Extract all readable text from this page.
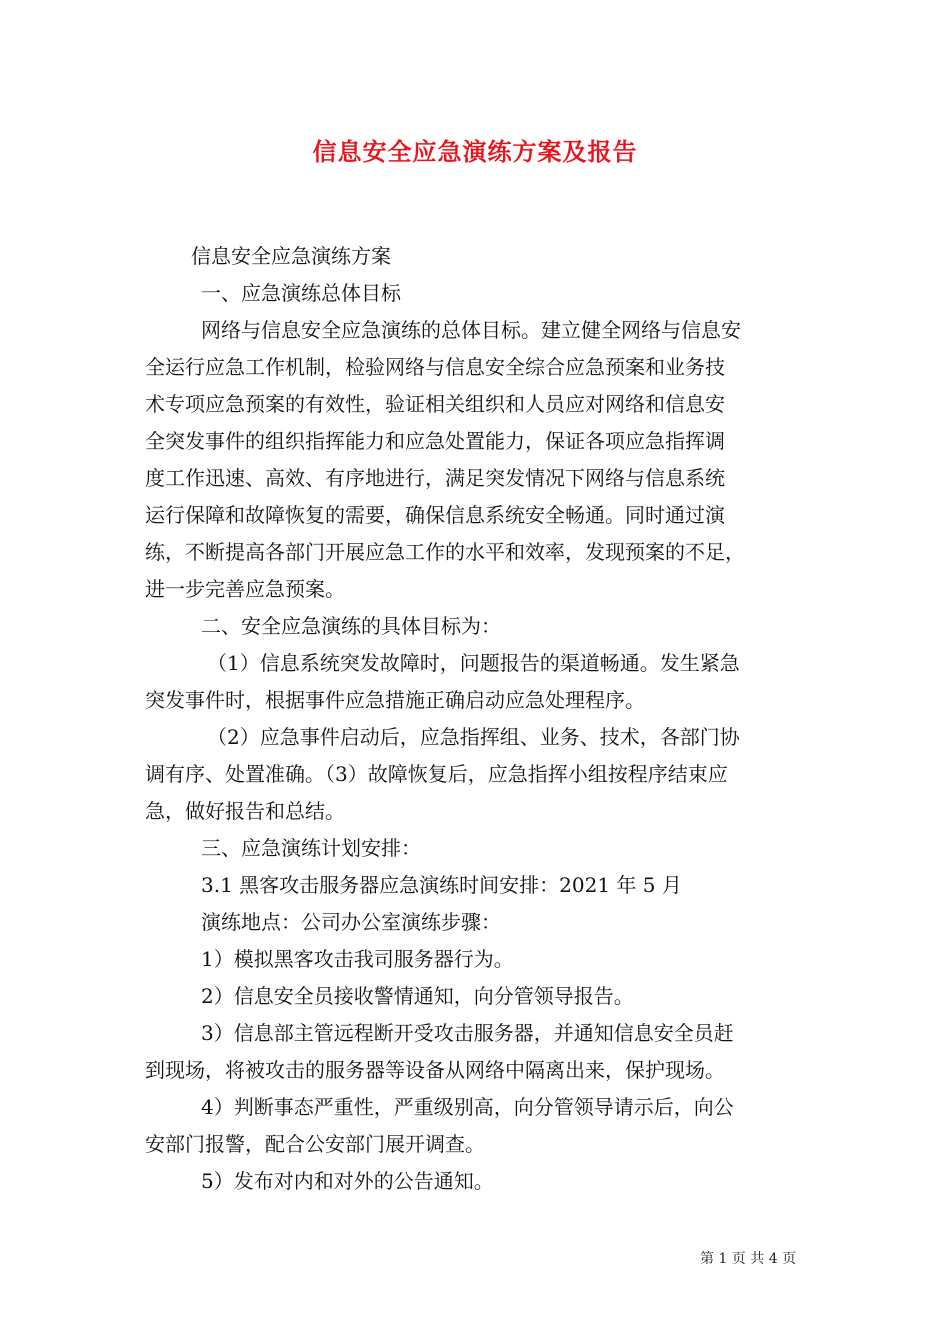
信息安全应急演练方案及报告

信息安全应急演练方案

一、应急演练总体目标

网络与信息安全应急演练的总体目标。建立健全网络与信息安

全运行应急工作机制，检验网络与信息安全综合应急预案和业务技

术专项应急预案的有效性，验证相关组织和人员应对网络和信息安

全突发事件的组织指挥能力和应急处置能力，保证各项应急指挥调

度工作迅速、高效、有序地进行，满足突发情况下网络与信息系统

运行保障和故障恢复的需要，确保信息系统安全畅通。同时通过演

练，不断提高各部门开展应急工作的水平和效率，发现预案的不足，

进一步完善应急预案。

二、安全应急演练的具体目标为：

（1）信息系统突发故障时，问题报告的渠道畅通。发生紧急

突发事件时，根据事件应急措施正确启动应急处理程序。

（2）应急事件启动后，应急指挥组、业务、技术，各部门协

调有序、处置准确。（3）故障恢复后，应急指挥小组按程序结束应

急，做好报告和总结。

三、应急演练计划安排：

3.1 黑客攻击服务器应急演练时间安排：2021 年 5 月

演练地点：公司办公室演练步骤：

1）模拟黑客攻击我司服务器行为。

2）信息安全员接收警情通知，向分管领导报告。

3）信息部主管远程断开受攻击服务器，并通知信息安全员赶

到现场，将被攻击的服务器等设备从网络中隔离出来，保护现场。

4）判断事态严重性，严重级别高，向分管领导请示后，向公

安部门报警，配合公安部门展开调查。

5）发布对内和对外的公告通知。

第 1 页 共 4 页
